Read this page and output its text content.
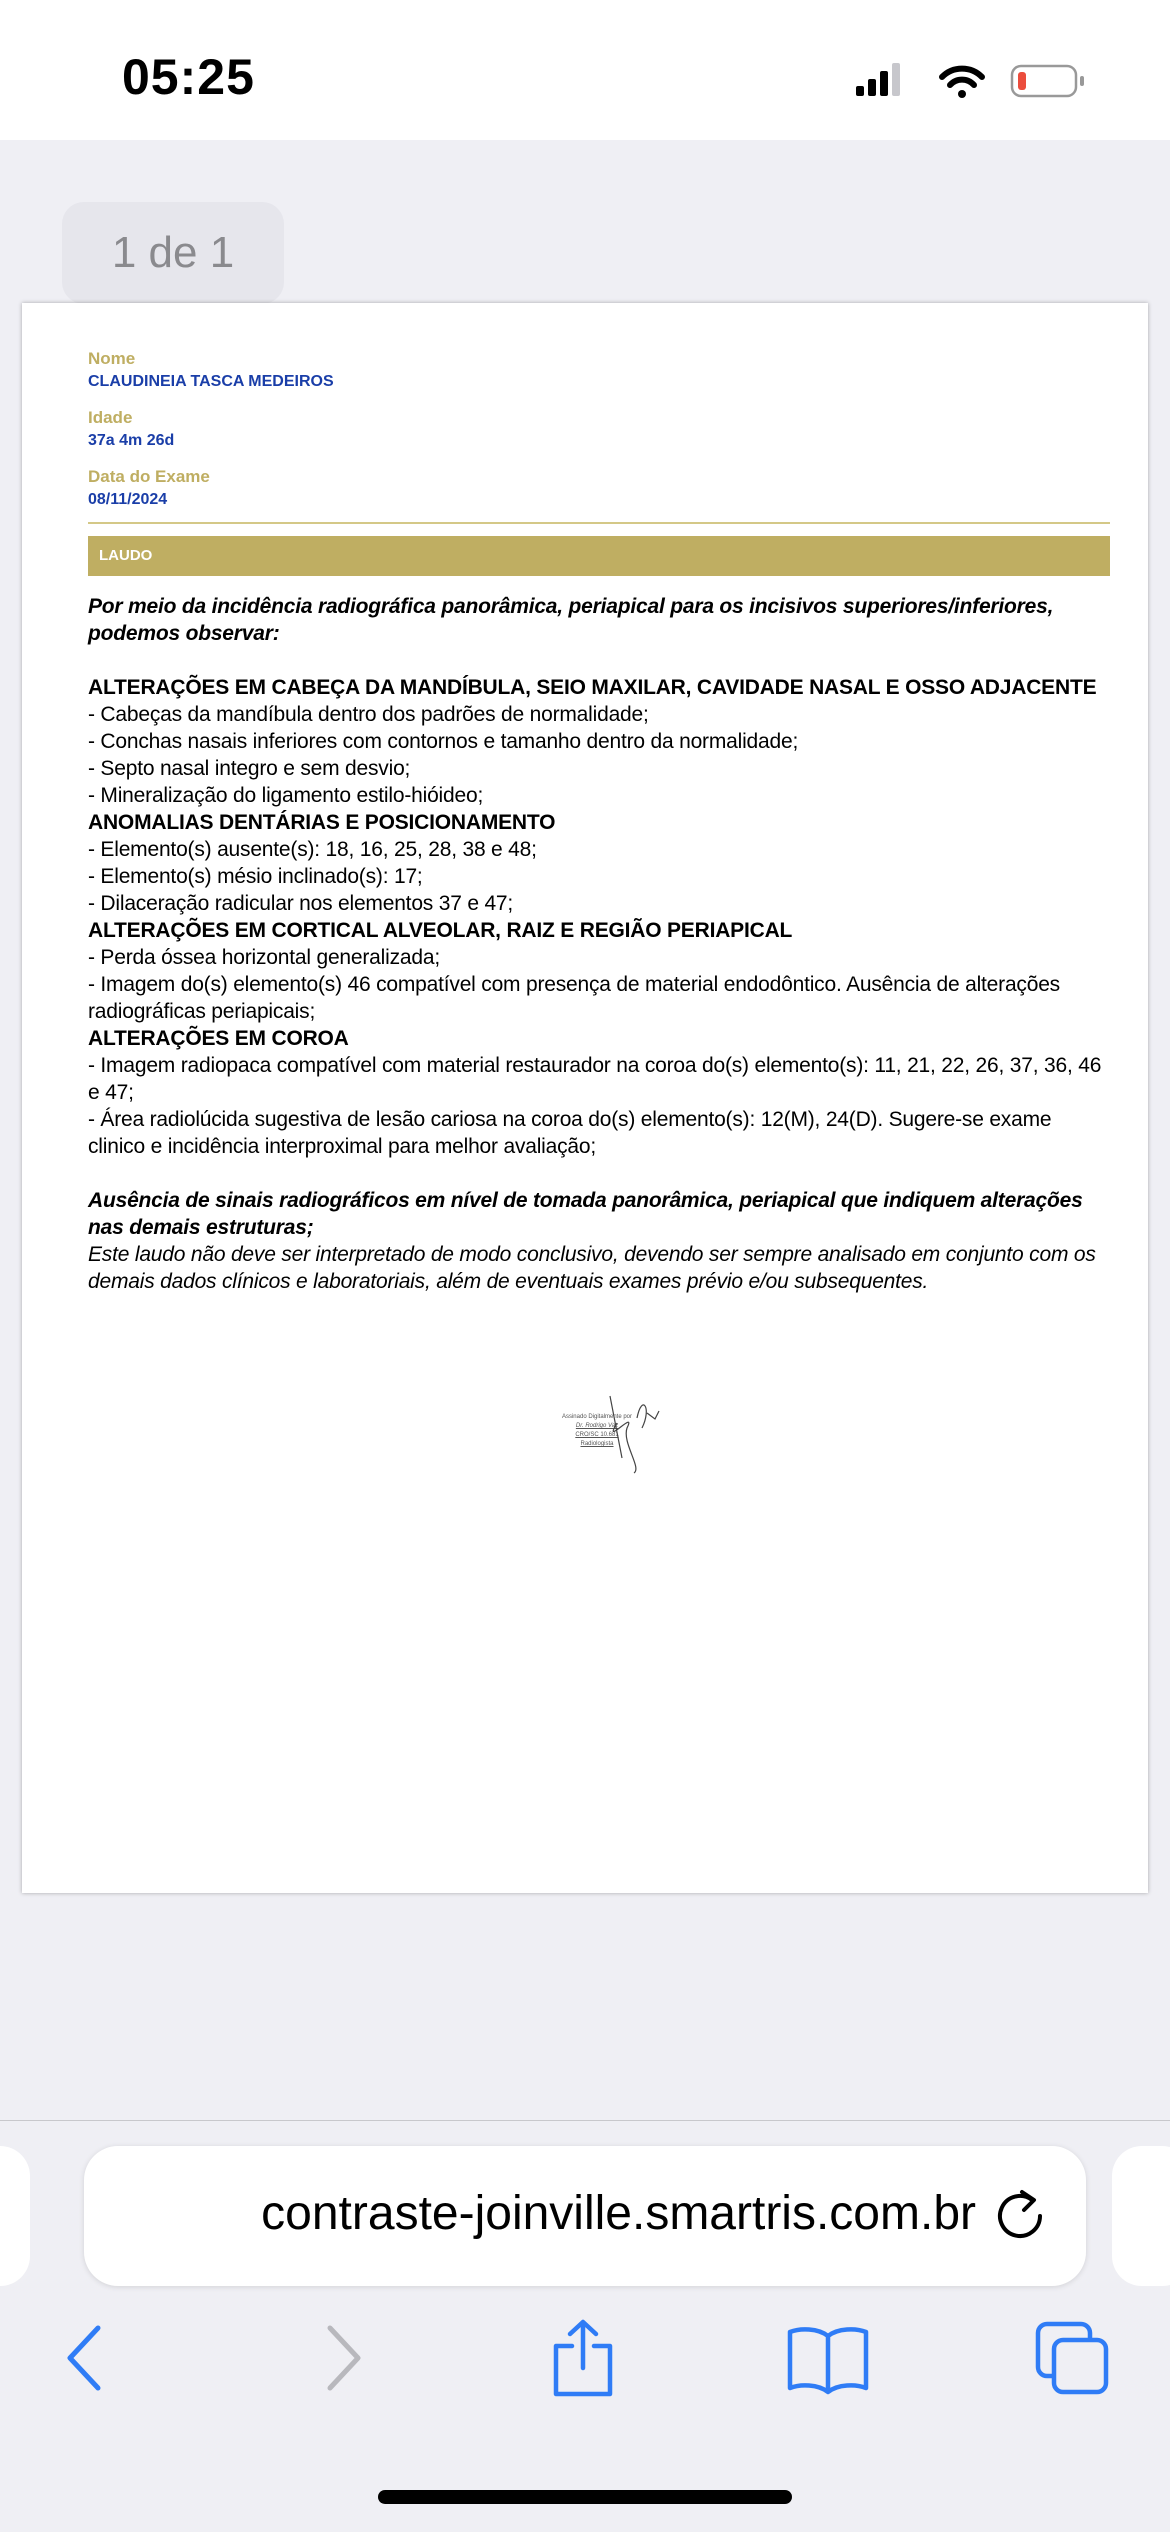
05:25
1 de 1
Nome
CLAUDINEIA TASCA MEDEIROS
Idade
37a 4m 26d
Data do Exame
08/11/2024
LAUDO
Por meio da incidência radiográfica panorâmica, periapical para os incisivos superiores/inferiores, podemos observar:
ALTERAÇÕES EM CABEÇA DA MANDÍBULA, SEIO MAXILAR, CAVIDADE NASAL E OSSO ADJACENTE
- Cabeças da mandíbula dentro dos padrões de normalidade;
- Conchas nasais inferiores com contornos e tamanho dentro da normalidade;
- Septo nasal integro e sem desvio;
- Mineralização do ligamento estilo-hióideo;
ANOMALIAS DENTÁRIAS E POSICIONAMENTO
- Elemento(s) ausente(s): 18, 16, 25, 28, 38 e 48;
- Elemento(s) mésio inclinado(s): 17;
- Dilaceração radicular nos elementos 37 e 47;
ALTERAÇÕES EM CORTICAL ALVEOLAR, RAIZ E REGIÃO PERIAPICAL
- Perda óssea horizontal generalizada;
- Imagem do(s) elemento(s) 46 compatível com presença de material endodôntico. Ausência de alterações radiográficas periapicais;
ALTERAÇÕES EM COROA
- Imagem radiopaca compatível com material restaurador na coroa do(s) elemento(s): 11, 21, 22, 26, 37, 36, 46 e 47;
- Área radiolúcida sugestiva de lesão cariosa na coroa do(s) elemento(s): 12(M), 24(D). Sugere-se exame clinico e incidência interproximal para melhor avaliação;
Ausência de sinais radiográficos em nível de tomada panorâmica, periapical que indiquem alterações nas demais estruturas;
Este laudo não deve ser interpretado de modo conclusivo, devendo ser sempre analisado em conjunto com os demais dados clínicos e laboratoriais, além de eventuais exames prévio e/ou subsequentes.
Assinado Digitalmente por
Dr. Rodrigo Vaz
CRO/SC 10.681
Radiologista
contraste-joinville.smartris.com.br
